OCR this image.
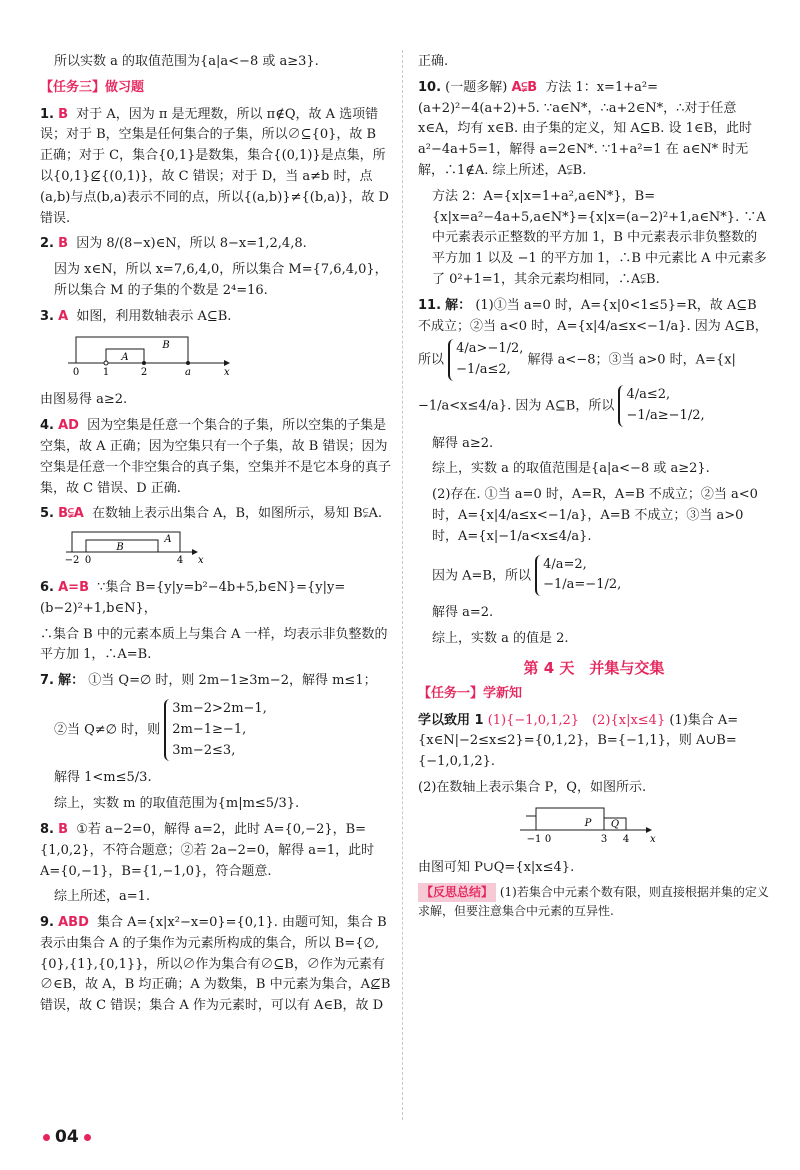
所以实数 a 的取值范围为{a|a<−8 或 a≥3}.

【任务三】做习题

1. B 对于 A，因为 π 是无理数，所以 π∉Q，故 A 选项错误；对于 B，空集是任何集合的子集，所以∅⊆{0}，故 B 正确；对于 C，集合{0,1}是数集，集合{(0,1)}是点集，所以{0,1}⊈{(0,1)}，故 C 错误；对于 D，当 a≠b 时，点(a,b)与点(b,a)表示不同的点，所以{(a,b)}≠{(b,a)}，故 D 错误.

2. B 因为 8/(8−x)∈N，所以 8−x=1,2,4,8.

因为 x∈N，所以 x=7,6,4,0，所以集合 M={7,6,4,0}，所以集合 M 的子集的个数是 2⁴=16.

3. A 如图，利用数轴表示 A⊆B.

0 1	2	a	x
A
B

由图易得 a≥2.

4. AD 因为空集是任意一个集合的子集，所以空集的子集是空集，故 A 正确；因为空集只有一个子集，故 B 错误；因为空集是任意一个非空集合的真子集，空集并不是它本身的真子集，故 C 错误、D 正确.

5. B⫋A 在数轴上表示出集合 A，B，如图所示，易知 B⫋A.

−2 0
B
A
4 x

6. A=B ∵集合 B={y|y=b²−4b+5,b∈N}={y|y=(b−2)²+1,b∈N}，

∴集合 B 中的元素本质上与集合 A 一样，均表示非负整数的平方加 1，∴A=B.

7. 解： ①当 Q=∅ 时，则 2m−1≥3m−2，解得 m≤1；

②当 Q≠∅ 时，则
3m−2>2m−1,
2m−1≥−1,
3m−2≤3,

解得 1<m≤5/3.

综上，实数 m 的取值范围为{m|m≤5/3}.

8. B ①若 a−2=0，解得 a=2，此时 A={0,−2}，B={1,0,2}，不符合题意；②若 2a−2=0，解得 a=1，此时 A={0,−1}，B={1,−1,0}，符合题意.

综上所述，a=1.

9. ABD 集合 A={x|x²−x=0}={0,1}. 由题可知，集合 B 表示由集合 A 的子集作为元素所构成的集合，所以 B={∅,{0},{1},{0,1}}，所以∅作为集合有∅⊆B，∅作为元素有∅∈B，故 A，B 均正确；A 为数集，B 中元素为集合，A⊈B 错误，故 C 错误；集合 A 作为元素时，可以有 A∈B，故 D

正确.

10. (一题多解) A⫋B 方法 1：x=1+a²=(a+2)²−4(a+2)+5. ∵a∈N*，∴a+2∈N*，∴对于任意 x∈A，均有 x∈B. 由子集的定义，知 A⊆B. 设 1∈B，此时 a²−4a+5=1，解得 a=2∈N*. ∵1+a²=1 在 a∈N* 时无解，∴1∉A. 综上所述，A⫋B.

方法 2：A={x|x=1+a²,a∈N*}，B={x|x=a²−4a+5,a∈N*}={x|x=(a−2)²+1,a∈N*}. ∵A 中元素表示正整数的平方加 1，B 中元素表示非负整数的平方加 1 以及 −1 的平方加 1，∴B 中元素比 A 中元素多了 0²+1=1，其余元素均相同，∴A⫋B.

11. 解： (1)①当 a=0 时，A={x|0<1≤5}=R，故 A⊆B 不成立；②当 a<0 时，A={x|4/a≤x<−1/a}. 因为 A⊆B，所以
4/a>−1/2,
−1/a≤2,
解得 a<−8；③当 a>0 时，A={x|−1/a<x≤4/a}. 因为 A⊆B，所以
4/a≤2,
−1/a≥−1/2,

解得 a≥2.

综上，实数 a 的取值范围是{a|a<−8 或 a≥2}.

(2)存在. ①当 a=0 时，A=R，A=B 不成立；②当 a<0 时，A={x|4/a≤x<−1/a}，A=B 不成立；③当 a>0 时，A={x|−1/a<x≤4/a}.

因为 A=B，所以
4/a=2,
−1/a=−1/2,

解得 a=2.

综上，实数 a 的值是 2.

第 4 天　并集与交集
【任务一】学新知

学以致用 1 (1){−1,0,1,2}　(2){x|x≤4} (1)集合 A={x∈N|−2≤x≤2}={0,1,2}，B={−1,1}，则 A∪B={−1,0,1,2}.

(2)在数轴上表示集合 P，Q，如图所示.

−1 0	3 4 x
P Q

由图可知 P∪Q={x|x≤4}.

【反思总结】 (1)若集合中元素个数有限，则直接根据并集的定义求解，但要注意集合中元素的互异性.

04
